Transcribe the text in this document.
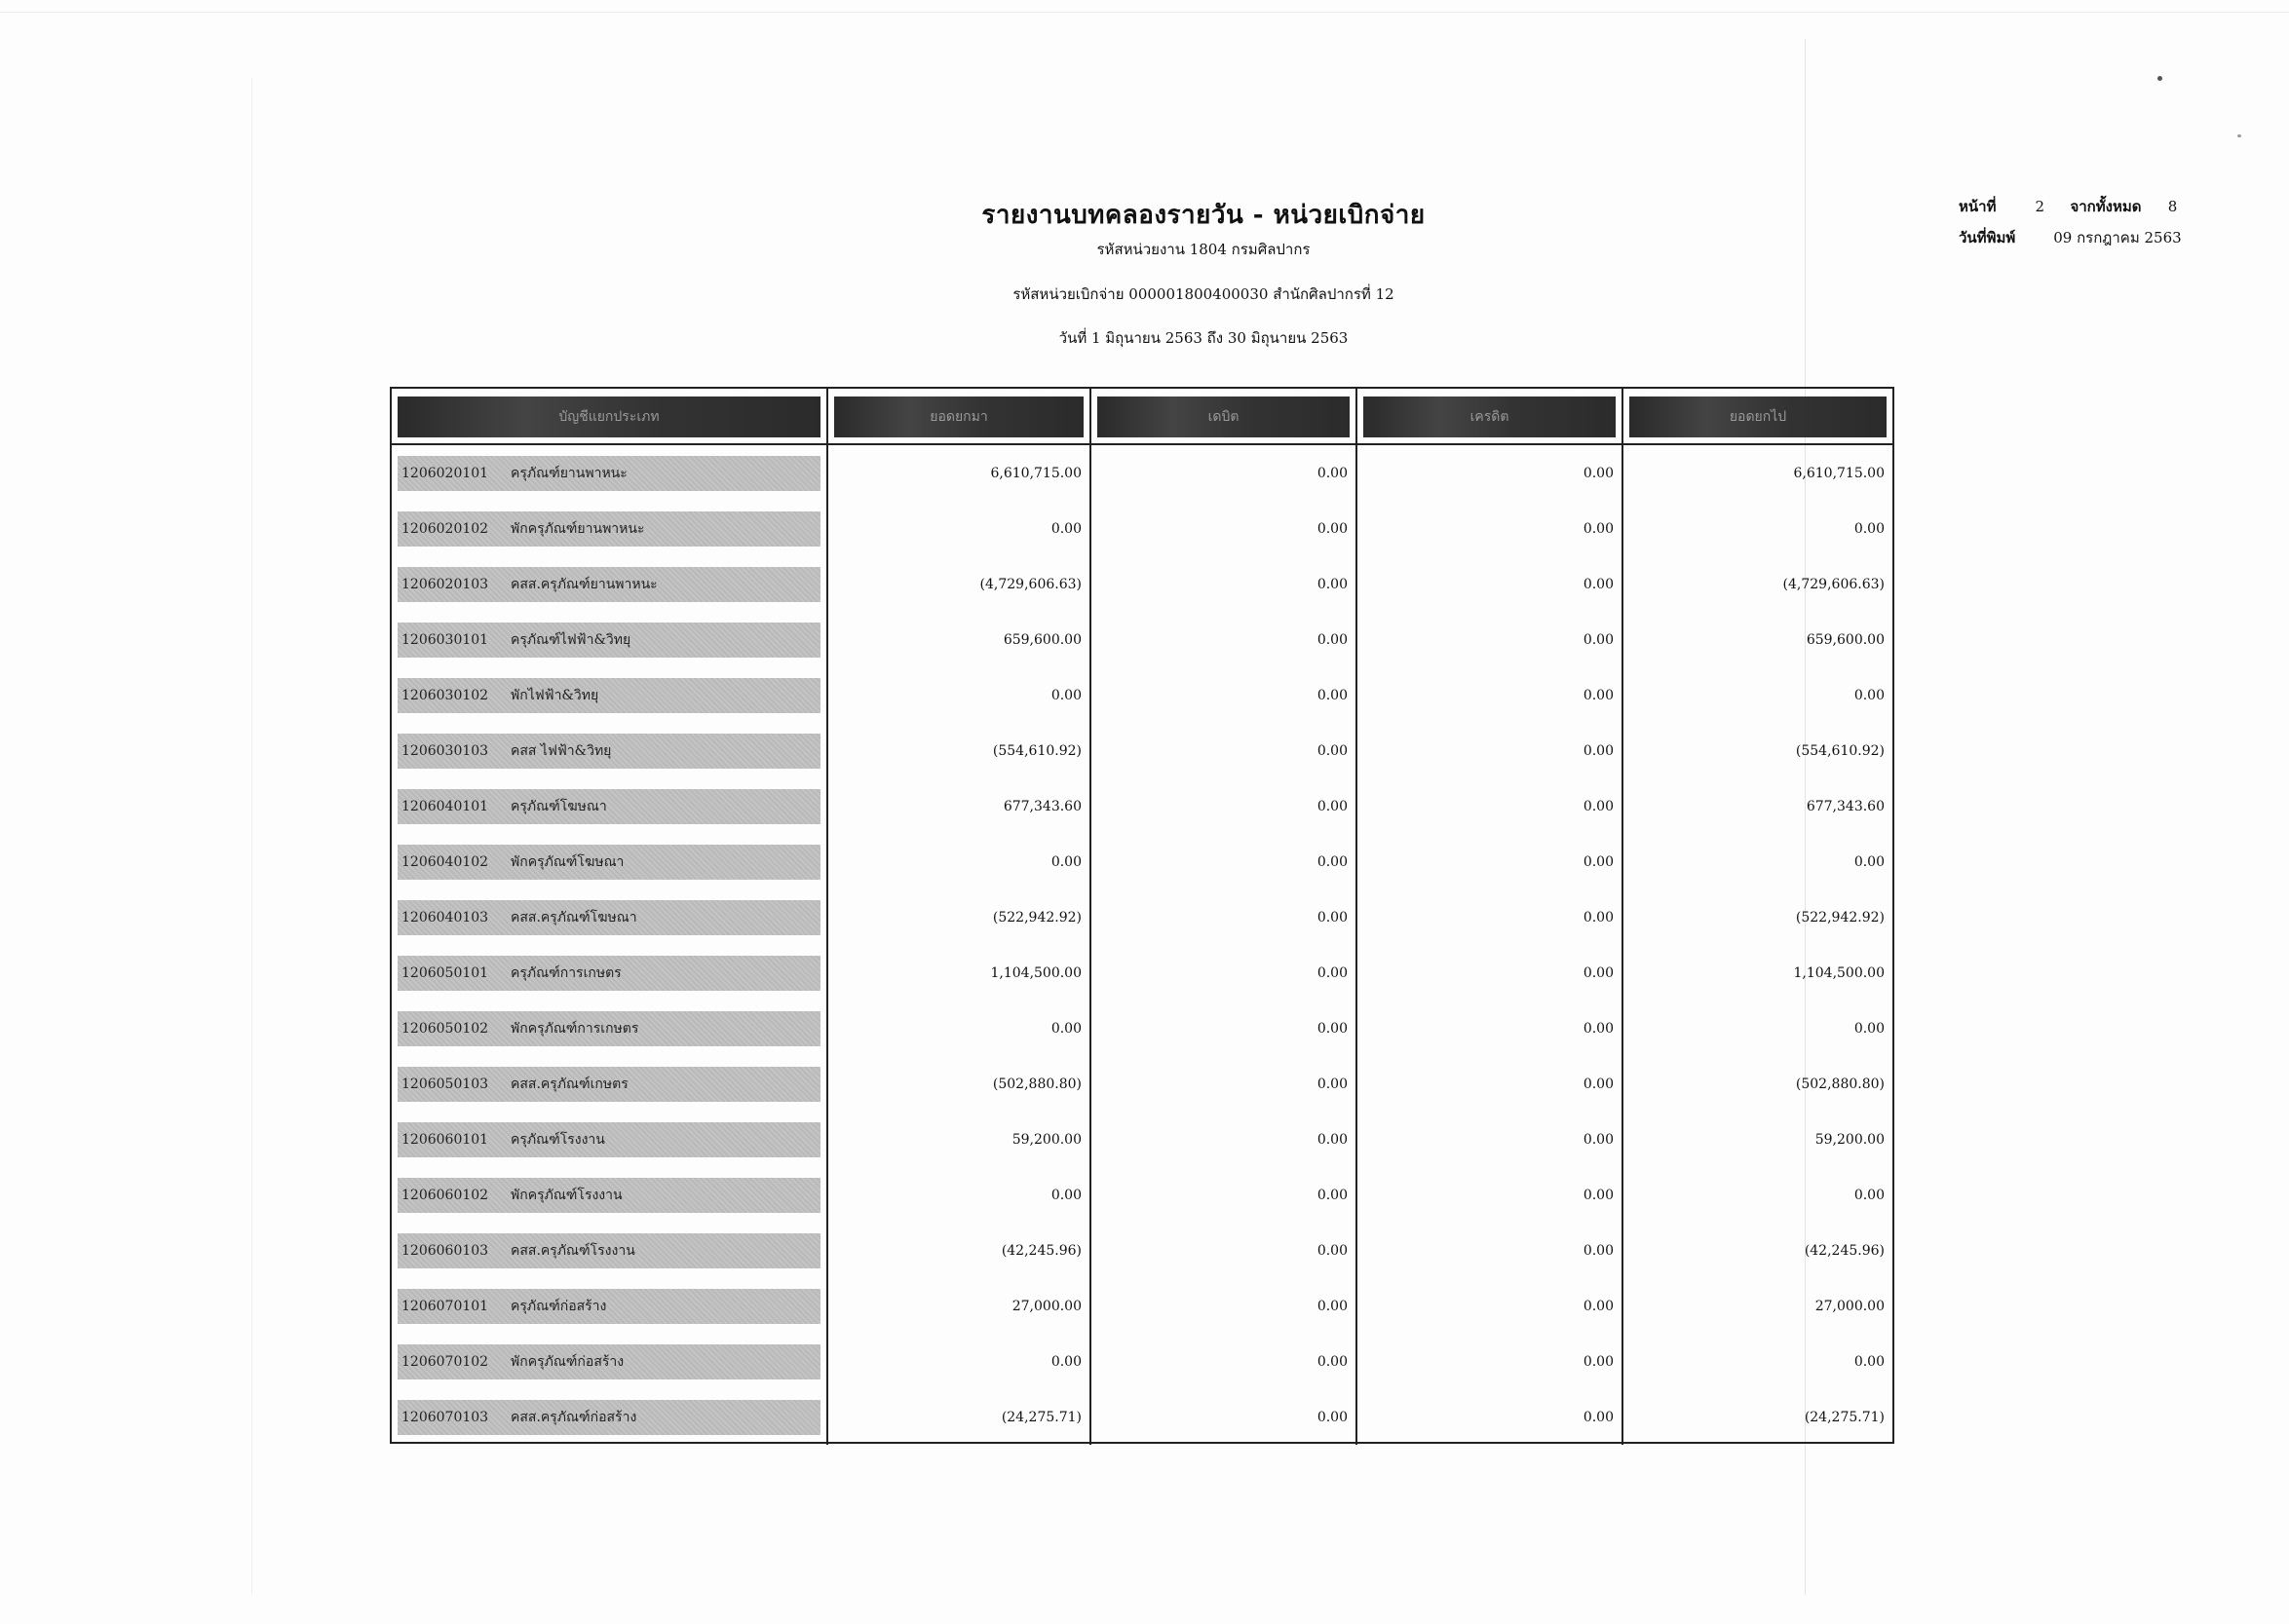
รายงานบทคลองรายวัน - หน่วยเบิกจ่าย
รหัสหน่วยงาน 1804 กรมศิลปากร
รหัสหน่วยเบิกจ่าย 000001800400030 สำนักศิลปากรที่ 12
วันที่ 1 มิถุนายน 2563 ถึง 30 มิถุนายน 2563
หน้าที่	2 จากทั้งหมด 8
วันที่พิมพ์	09 กรกฎาคม 2563
บัญชีแยกประเภท	ยอดยกมา	เดบิต	เครดิต	ยอดยกไป

1206020101 ครุภัณฑ์ยานพาหนะ	6,610,715.00	0.00	0.00	6,610,715.00

1206020102 พักครุภัณฑ์ยานพาหนะ	0.00	0.00	0.00	0.00

1206020103 คสส.ครุภัณฑ์ยานพาหนะ	(4,729,606.63)	0.00	0.00	(4,729,606.63)

1206030101 ครุภัณฑ์ไฟฟ้า&วิทยุ	659,600.00	0.00	0.00	659,600.00

1206030102 พักไฟฟ้า&วิทยุ	0.00	0.00	0.00	0.00

1206030103 คสส ไฟฟ้า&วิทยุ	(554,610.92)	0.00	0.00	(554,610.92)

1206040101 ครุภัณฑ์โฆษณา	677,343.60	0.00	0.00	677,343.60

1206040102 พักครุภัณฑ์โฆษณา	0.00	0.00	0.00	0.00

1206040103 คสส.ครุภัณฑ์โฆษณา	(522,942.92)	0.00	0.00	(522,942.92)

1206050101 ครุภัณฑ์การเกษตร	1,104,500.00	0.00	0.00	1,104,500.00

1206050102 พักครุภัณฑ์การเกษตร	0.00	0.00	0.00	0.00

1206050103 คสส.ครุภัณฑ์เกษตร	(502,880.80)	0.00	0.00	(502,880.80)

1206060101 ครุภัณฑ์โรงงาน	59,200.00	0.00	0.00	59,200.00

1206060102 พักครุภัณฑ์โรงงาน	0.00	0.00	0.00	0.00

1206060103 คสส.ครุภัณฑ์โรงงาน	(42,245.96)	0.00	0.00	(42,245.96)

1206070101 ครุภัณฑ์ก่อสร้าง	27,000.00	0.00	0.00	27,000.00

1206070102 พักครุภัณฑ์ก่อสร้าง	0.00	0.00	0.00	0.00

1206070103 คสส.ครุภัณฑ์ก่อสร้าง	(24,275.71)	0.00	0.00	(24,275.71)
